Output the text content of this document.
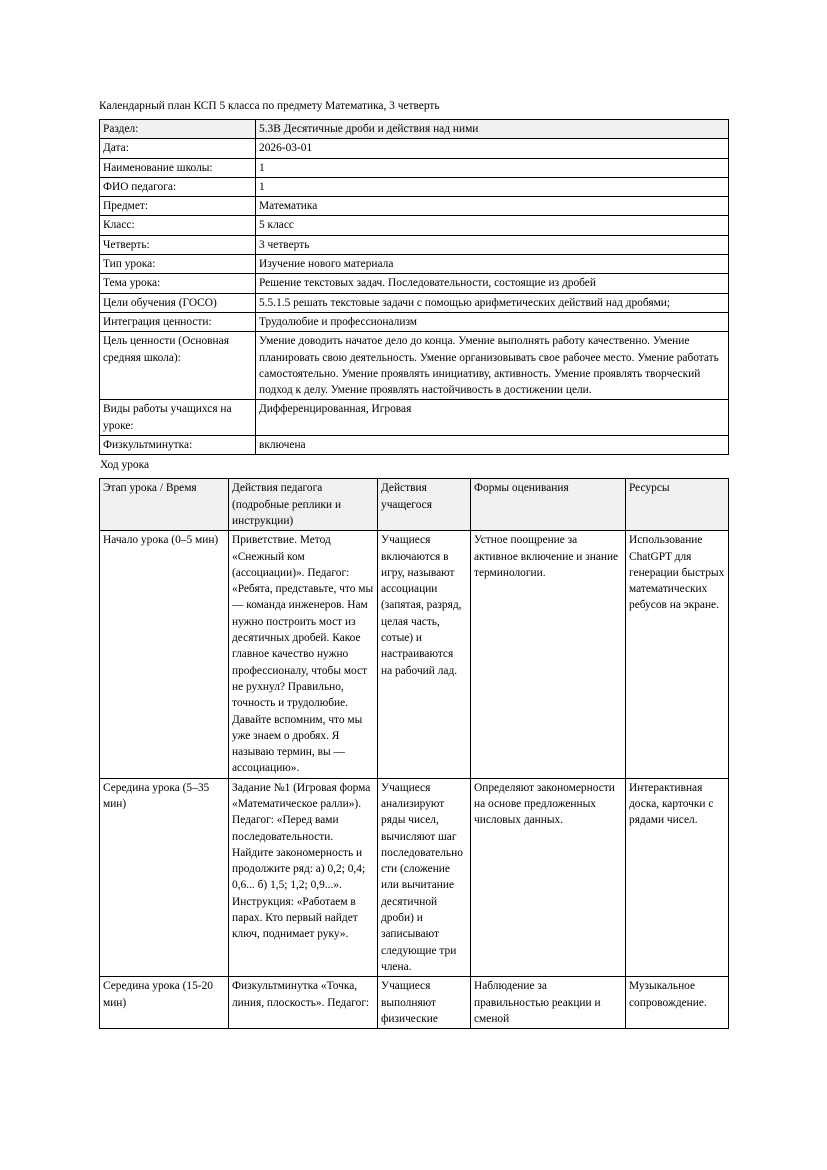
Календарный план КСП 5 класса по предмету Математика, 3 четверть

Раздел:	5.3B Десятичные дроби и действия над ними
Дата:	2026-03-01
Наименование школы:	1
ФИО педагога:	1
Предмет:	Математика
Класс:	5 класс
Четверть:	3 четверть
Тип урока:	Изучение нового материала
Тема урока:	Решение текстовых задач. Последовательности, состоящие из дробей
Цели обучения (ГОСО)	5.5.1.5 решать текстовые задачи с помощью арифметических действий над дробями;
Интеграция ценности:	Трудолюбие и профессионализм
Цель ценности (Основная средняя школа):	Умение доводить начатое дело до конца. Умение выполнять работу качественно. Умение планировать свою деятельность. Умение организовывать свое рабочее место. Умение работать самостоятельно. Умение проявлять инициативу, активность. Умение проявлять творческий подход к делу. Умение проявлять настойчивость в достижении цели.
Виды работы учащихся на уроке:	Дифференцированная, Игровая
Физкультминутка:	включена

Ход урока

Этап урока / Время	Действия педагога (подробные реплики и инструкции)	Действия учащегося	Формы оценивания	Ресурсы
Начало урока (0–5 мин)	Приветствие. Метод «Снежный ком (ассоциации)». Педагог: «Ребята, представьте, что мы — команда инженеров. Нам нужно построить мост из десятичных дробей. Какое главное качество нужно профессионалу, чтобы мост не рухнул? Правильно, точность и трудолюбие. Давайте вспомним, что мы уже знаем о дробях. Я называю термин, вы — ассоциацию».	Учащиеся включаются в игру, называют ассоциации (запятая, разряд, целая часть, сотые) и настраиваются на рабочий лад.	Устное поощрение за активное включение и знание терминологии.	Использование ChatGPT для генерации быстрых математических ребусов на экране.
Середина урока (5–35 мин)	Задание №1 (Игровая форма «Математическое ралли»). Педагог: «Перед вами последовательности. Найдите закономерность и продолжите ряд: а) 0,2; 0,4; 0,6... б) 1,5; 1,2; 0,9...». Инструкция: «Работаем в парах. Кто первый найдет ключ, поднимает руку».	Учащиеся анализируют ряды чисел, вычисляют шаг последовательности (сложение или вычитание десятичной дроби) и записывают следующие три члена.	Определяют закономерности на основе предложенных числовых данных.	Интерактивная доска, карточки с рядами чисел.
Середина урока (15-20 мин)	Физкультминутка «Точка, линия, плоскость». Педагог:	Учащиеся выполняют физические	Наблюдение за правильностью реакции и сменой	Музыкальное сопровождение.
